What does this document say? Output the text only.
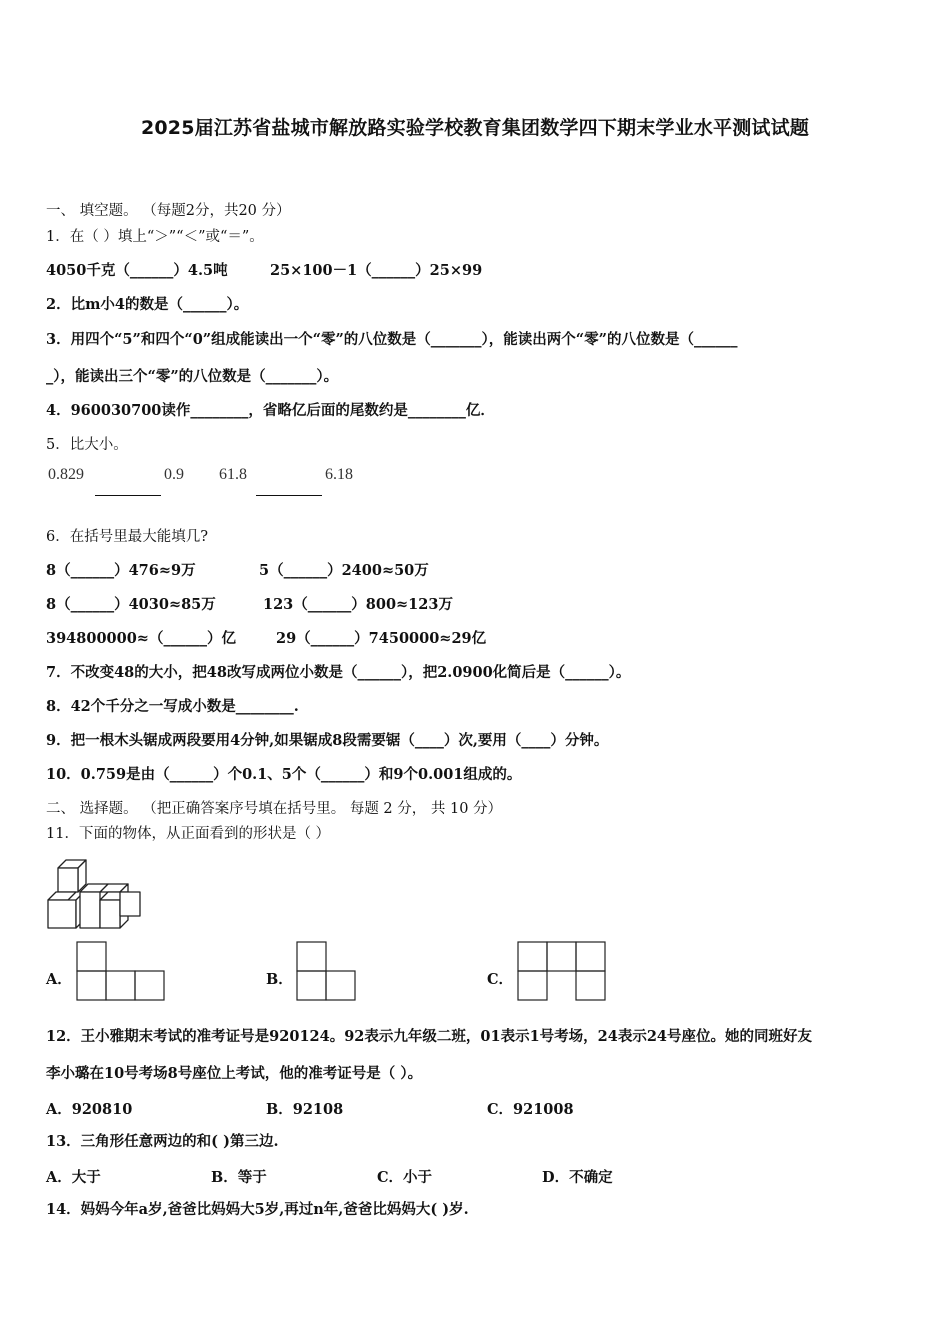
2025届江苏省盐城市解放路实验学校教育集团数学四下期末学业水平测试试题
一、 填空题。 （每题2分，共20 分）
1．在（ ）填上“＞”“＜”或“＝”。
4050千克（______）4.5吨	25×100－1（______）25×99
2．比m小4的数是（______）。
3．用四个“5”和四个“0”组成能读出一个“零”的八位数是（_______），能读出两个“零”的八位数是（______
_），能读出三个“零”的八位数是（_______）。
4．960030700读作________，省略亿后面的尾数约是________亿．
5．比大小。
0.829	0.9 61.8	6.18
6．在括号里最大能填几?
8（______）476≈9万	5（______）2400≈50万
8（______）4030≈85万	123（______）800≈123万
394800000≈（______）亿	29（______）7450000≈29亿
7．不改变48的大小，把48改写成两位小数是（______），把2.0900化简后是（______）。
8．42个千分之一写成小数是________.
9．把一根木头锯成两段要用4分钟,如果锯成8段需要锯（____）次,要用（____）分钟。
10．0.759是由（______）个0.1、5个（______）和9个0.001组成的。
二、 选择题。 （把正确答案序号填在括号里。 每题 2 分， 共 10 分）
11．下面的物体，从正面看到的形状是（ ）
A．	B．	C．
12．王小雅期末考试的准考证号是920124。92表示九年级二班，01表示1号考场，24表示24号座位。她的同班好友
李小璐在10号考场8号座位上考试，他的准考证号是（ ）。
A．920810	B．92108	C．921008
13．三角形任意两边的和( )第三边.
A．大于	B．等于	C．小于	D．不确定
14．妈妈今年a岁,爸爸比妈妈大5岁,再过n年,爸爸比妈妈大( )岁.
